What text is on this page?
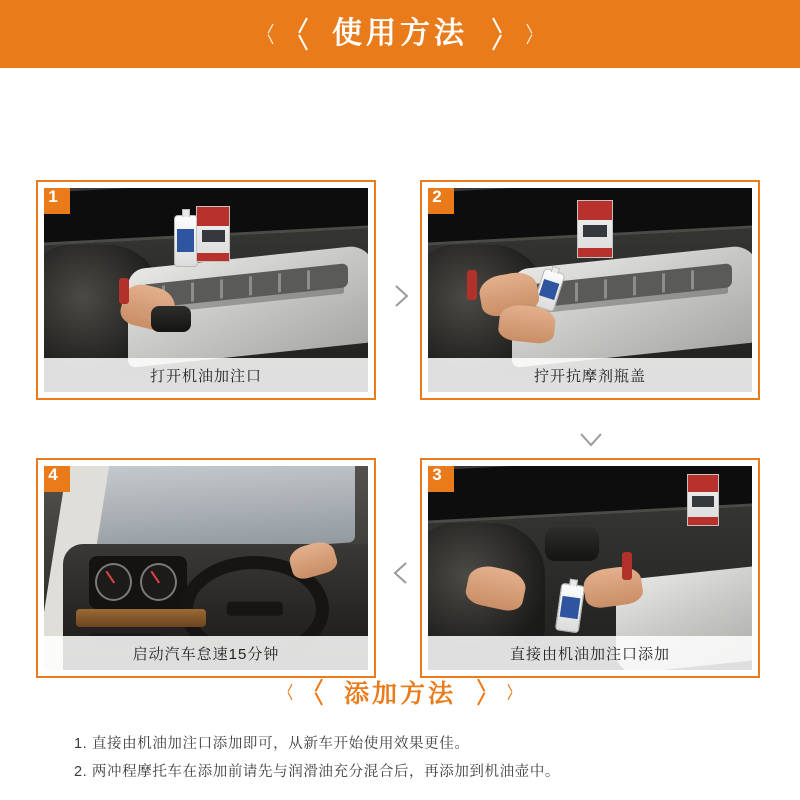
使用方法
1
打开机油加注口
2
拧开抗摩剂瓶盖
4
启动汽车怠速15分钟
3
直接由机油加注口添加
添加方法
1. 直接由机油加注口添加即可，从新车开始使用效果更佳。
2. 两冲程摩托车在添加前请先与润滑油充分混合后，再添加到机油壶中。
